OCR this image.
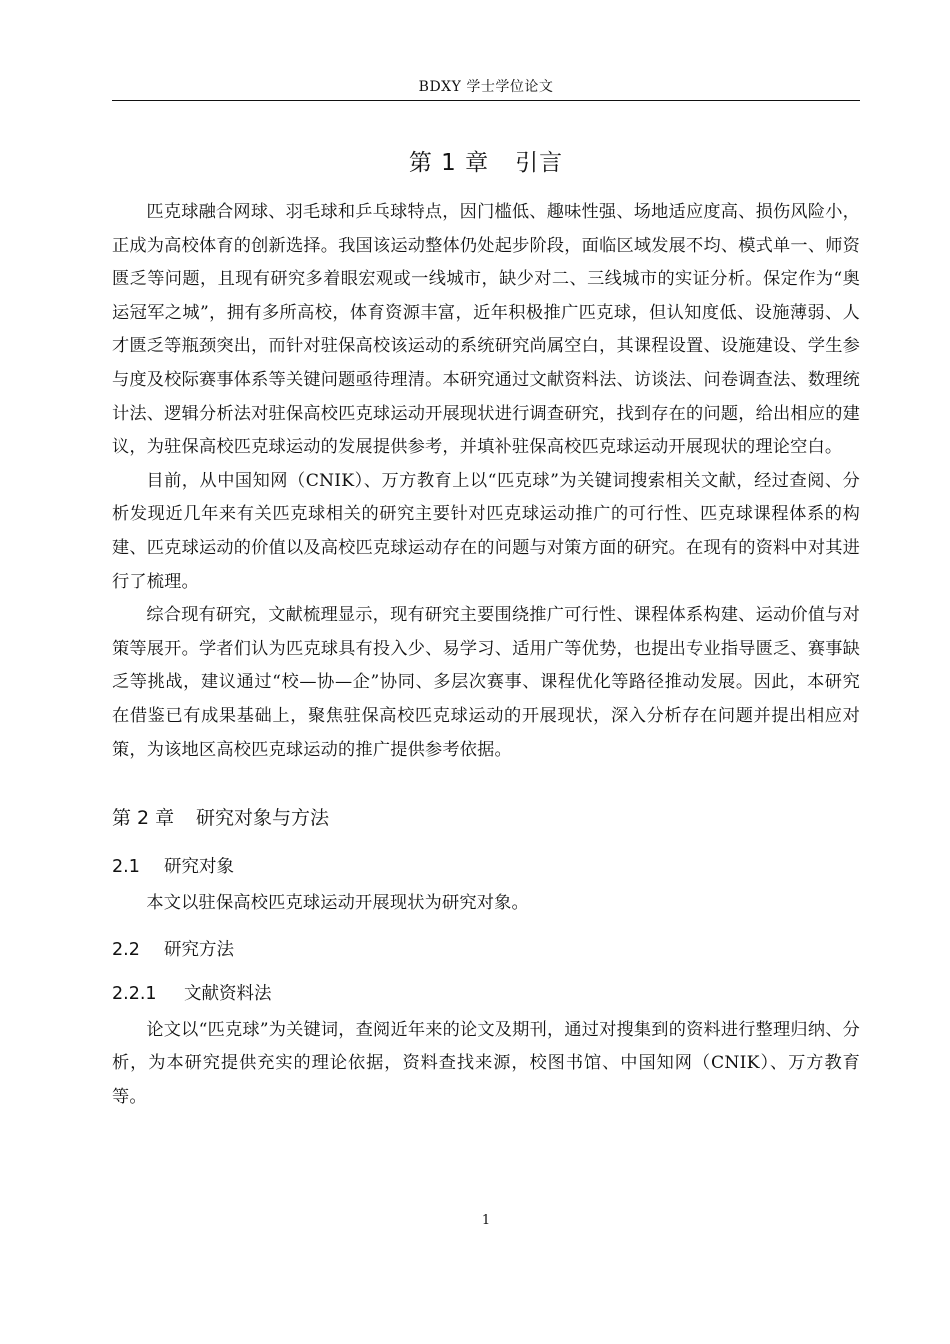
BDXY 学士学位论文
第 1 章 引言

匹克球融合网球、羽毛球和乒乓球特点，因门槛低、趣味性强、场地适应度高、损伤风险小，正成为高校体育的创新选择。我国该运动整体仍处起步阶段，面临区域发展不均、模式单一、师资匮乏等问题，且现有研究多着眼宏观或一线城市，缺少对二、三线城市的实证分析。保定作为“奥运冠军之城”，拥有多所高校，体育资源丰富，近年积极推广匹克球，但认知度低、设施薄弱、人才匮乏等瓶颈突出，而针对驻保高校该运动的系统研究尚属空白，其课程设置、设施建设、学生参与度及校际赛事体系等关键问题亟待理清。本研究通过文献资料法、访谈法、问卷调查法、数理统计法、逻辑分析法对驻保高校匹克球运动开展现状进行调查研究，找到存在的问题，给出相应的建议，为驻保高校匹克球运动的发展提供参考，并填补驻保高校匹克球运动开展现状的理论空白。

目前，从中国知网（CNIK）、万方教育上以“匹克球”为关键词搜索相关文献，经过查阅、分析发现近几年来有关匹克球相关的研究主要针对匹克球运动推广的可行性、匹克球课程体系的构建、匹克球运动的价值以及高校匹克球运动存在的问题与对策方面的研究。在现有的资料中对其进行了梳理。

综合现有研究，文献梳理显示，现有研究主要围绕推广可行性、课程体系构建、运动价值与对策等展开。学者们认为匹克球具有投入少、易学习、适用广等优势，也提出专业指导匮乏、赛事缺乏等挑战，建议通过“校—协—企”协同、多层次赛事、课程优化等路径推动发展。因此，本研究在借鉴已有成果基础上，聚焦驻保高校匹克球运动的开展现状，深入分析存在问题并提出相应对策，为该地区高校匹克球运动的推广提供参考依据。

第 2 章 研究对象与方法
2.1 研究对象

本文以驻保高校匹克球运动开展现状为研究对象。

2.2 研究方法
2.2.1 文献资料法

论文以“匹克球”为关键词，查阅近年来的论文及期刊，通过对搜集到的资料进行整理归纳、分析，为本研究提供充实的理论依据，资料查找来源，校图书馆、中国知网（CNIK）、万方教育等。

1
